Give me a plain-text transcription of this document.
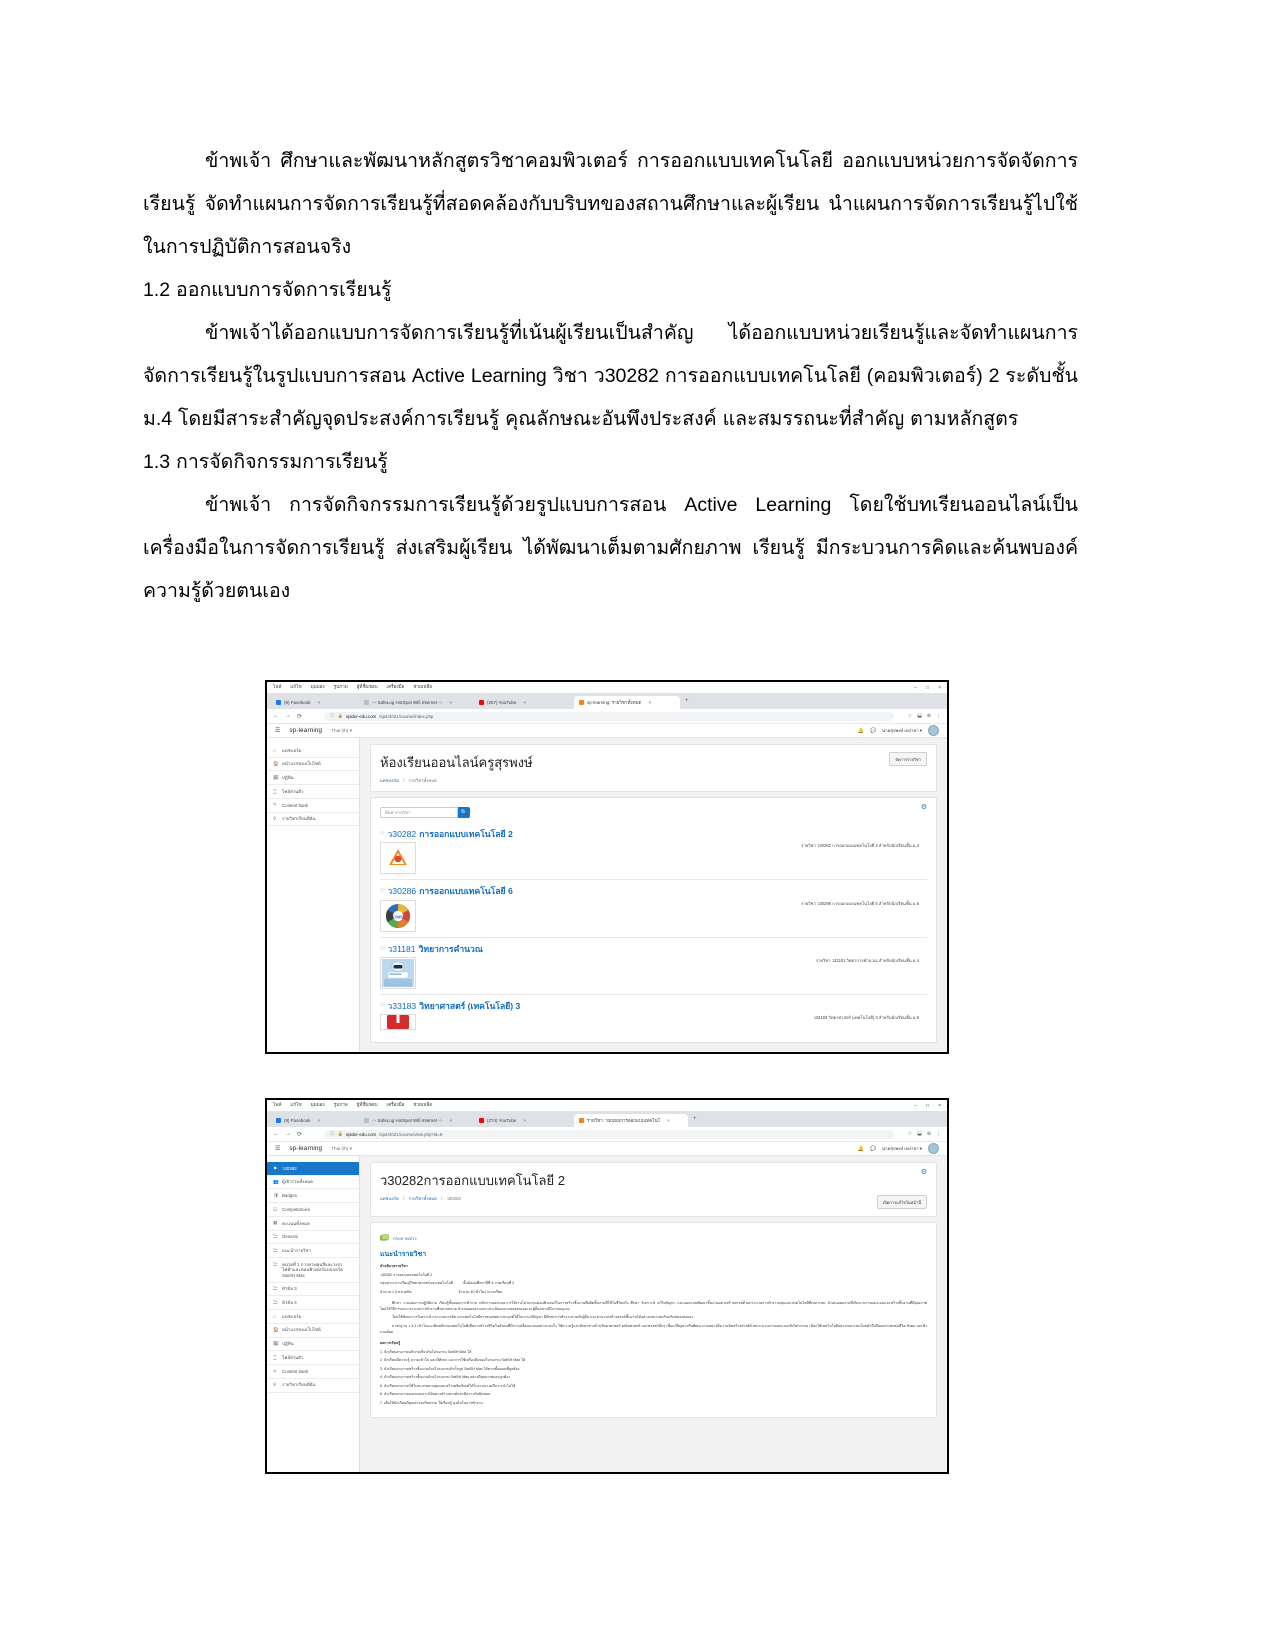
ข้าพเจ้า ศึกษาและพัฒนาหลักสูตรวิชาคอมพิวเตอร์ การออกแบบเทคโนโลยี ออกแบบหน่วยการจัดจัดการเรียนรู้ จัดทำแผนการจัดการเรียนรู้ที่สอดคล้องกับบริบทของสถานศึกษาและผู้เรียน นำแผนการจัดการเรียนรู้ไปใช้ในการปฏิบัติการสอนจริง

1.2 ออกแบบการจัดการเรียนรู้

ข้าพเจ้าได้ออกแบบการจัดการเรียนรู้ที่เน้นผู้เรียนเป็นสำคัญ ได้ออกแบบหน่วยเรียนรู้และจัดทำแผนการจัดการเรียนรู้ในรูปแบบการสอน Active Learning วิชา ว30282 การออกแบบเทคโนโลยี (คอมพิวเตอร์) 2 ระดับชั้น ม.4 โดยมีสาระสำคัญจุดประสงค์การเรียนรู้ คุณลักษณะอันพึงประสงค์ และสมรรถนะที่สำคัญ ตามหลักสูตร

1.3 การจัดกิจกรรมการเรียนรู้

ข้าพเจ้า การจัดกิจกรรมการเรียนรู้ด้วยรูปแบบการสอน Active Learning โดยใช้บทเรียนออนไลน์เป็นเครื่องมือในการจัดการเรียนรู้ ส่งเสริมผู้เรียน ได้พัฒนาเต็มตามศักยภาพ เรียนรู้ มีกระบวนการคิดและค้นพบองค์ความรู้ด้วยตนเอง

ไฟล์ แก้ไข มุมมอง รูปภาพ ผู้ที่ชื่นชอบ เครื่องมือ ช่วยเหลือ	− □ ×
(8) Facebook ×	-:- SafeLog HotSpot Wifi Internet -:- ×	(257) YouTube ×	sp-learning: รายวิชาทั้งหมด ×	+
← → ⟳	ⓘ 🔒 spider-edu.com /sp4r2021/course/index.php	☆ ⬓ ⊕ ⋮
☰ sp-learning Thai (th) ▾	🔔 💬 นายสุรพงษ์ เหง่าลา ▾
⌂	แดชบอร์ด
🏠 หน้าแรกของเว็บไซต์
🗓 ปฏิทิน
🗋 ไฟล์ส่วนตัว
✎ Content bank
⚲	รายวิชาเรียนที่ฉัน
ห้องเรียนออนไลน์ครูสุรพงษ์
แดชบอร์ด / รายวิชาทั้งหมด
จัดการรายวิชา
⚙
ค้นหารายวิชา	🔍
♡ ว30282 การออกแบบเทคโนโลยี 2
รายวิชา ว30282 การออกแบบเทคโนโลยี 2 สำหรับนักเรียนชั้น ม.4
♡ ว30286 การออกแบบเทคโนโลยี 6
CMS
รายวิชา ว30286 การออกแบบเทคโนโลยี 6 สำหรับนักเรียนชั้น ม.6
♡ ว31181 วิทยาการคำนวณ
รายวิชา ว31181 วิทยาการคำนวณ สำหรับนักเรียนชั้น ม.4
♡ ว33183 วิทยาศาสตร์ (เทคโนโลยี) 3
ว33183 วิทยาศาสตร์ (เทคโนโลยี) 3 สำหรับนักเรียนชั้น ม.6
ไฟล์ แก้ไข มุมมอง รูปภาพ ผู้ที่ชื่นชอบ เครื่องมือ ช่วยเหลือ	− □ ×
(8) Facebook ×	-:- SafeLog HotSpot Wifi Internet -:- ×	(274) YouTube ×	รายวิชา: ว30282การออกแบบเทคโนโ ×	+
← → ⟳	ⓘ 🔒 spider-edu.com /sp4r2021/course/view.php?id=8	☆ ⬓ ⊕ ⋮
☰ sp-learning Thai (th) ▾	🔔 💬 นายสุรพงษ์ เหง่าลา ▾
⚑ ว30282
👥 ผู้เข้าร่วมทั้งหมด
🛡 Badges
☑ Competencies
▦ คะแนนทั้งหมด
🗀 General
🗀 แนะนำรายวิชา
🗀 หน่วยที่ 1 การควบคุมสีและวงจรไฟฟ้าและคอมพิวเตอร์แบบบอร์ด SwiSH Max
🗀 หัวข้อ 3
🗀 หัวข้อ 4
⌂	แดชบอร์ด
🏠 หน้าแรกของเว็บไซต์
🗓 ปฏิทิน
🗋 ไฟล์ส่วนตัว
✎ Content bank
⚲	รายวิชาเรียนที่ฉัน
⚙
ว30282การออกแบบเทคโนโลยี 2
แดชบอร์ด / รายวิชาทั้งหมด / ว30282
เปิดการแก้ไขในหน้านี้
กระดานข่าว
แนะนำรายวิชา

คำอธิบายรายวิชา

ว30282 การออกแบบเทคโนโลยี 2

กลุ่มสาระการเรียนรู้วิทยาศาสตร์และเทคโนโลยี          ชั้นมัธยมศึกษาปีที่ 4 ภาคเรียนที่ 2

จำนวน 1.0 หน่วยกิต                                               จำนวน 40 ชั่วโมง /ภาคเรียน

ศึกษา วางแผนการปฏิบัติงาน เรียนรู้ขั้นตอนการทำงาน หลักการออกแบบการใช้งานโปรแกรมคอมพิวเตอร์ในการสร้างชิ้นงานที่ผลิตชิ้นงานที่ใช้ในชีวิตจริง ศึกษา วิเคราะห์ แก้ไขปัญหา และออกแบบพัฒนาชิ้นงานอย่างสร้างสรรค์ด้วยกระบวนการทำงานกลุ่มและเทคโนโลยีที่เหมาะสม นำเสนอผลงานที่เกิดจากการออกแบบและสร้างชิ้นงานที่มีคุณภาพ โดยใช้วิธีการและกระบวนการทำงานที่หลากหลาย นำเสนอผลงานและประเมินผลงานของตนเองและผู้อื่นอย่างมีวิจารณญาณ

โดยใช้ทักษะการวิเคราะห์ กระบวนการคิด และเทคโนโลยีสารสนเทศมาประยุกต์ใช้ในการแก้ปัญหา มีทักษะการทำงานร่วมกับผู้อื่น และสามารถสร้างสรรค์ชิ้นงานได้อย่างเหมาะสมกับบริบทของตนเอง

มาตรฐาน ว 4.1 เข้าใจแนวคิดหลักของเทคโนโลยีเพื่อการดำรงชีวิตในสังคมที่มีการเปลี่ยนแปลงอย่างรวดเร็ว ใช้ความรู้และทักษะทางด้านวิทยาศาสตร์ คณิตศาสตร์ และศาสตร์อื่นๆ เพื่อแก้ปัญหาหรือพัฒนางานอย่างมีความคิดสร้างสรรค์ด้วยกระบวนการออกแบบเชิงวิศวกรรม เลือกใช้เทคโนโลยีอย่างเหมาะสมโดยคำนึงถึงผลกระทบต่อชีวิต สังคม และสิ่งแวดล้อม

ผลการเรียนรู้

1. นักเรียนสามารถอธิบายเกี่ยวกับโปรแกรม SwiSH Max ได้

2. นักเรียนมีความรู้ ความเข้าใจ และมีทักษะ และการใช้เครื่องมือของโปรแกรม SwiSH Max ได้

3. นักเรียนสามารถสร้างชิ้นงานด้วยโปรแกรมสำเร็จรูป SwiSH Max ได้ตามขั้นตอนที่ถูกต้อง

4. นักเรียนสามารถสร้างชิ้นงานด้วยโปรแกรม SwiSH Max อย่างมีคุณภาพและถูกต้อง

5. นักเรียนสามารถใช้โปรแกรมควบคุมและสร้างผลิตภัณฑ์ได้ในระบบรวมถึงการนำไปใช้

6. นักเรียนสามารถออกแบบงานได้อย่างสร้างสรรค์และมีความรับผิดชอบ

7. เพื่อให้นักเรียนมีคุณธรรมจริยธรรม ใฝ่เรียนรู้ มุ่งมั่นในการทำงาน
